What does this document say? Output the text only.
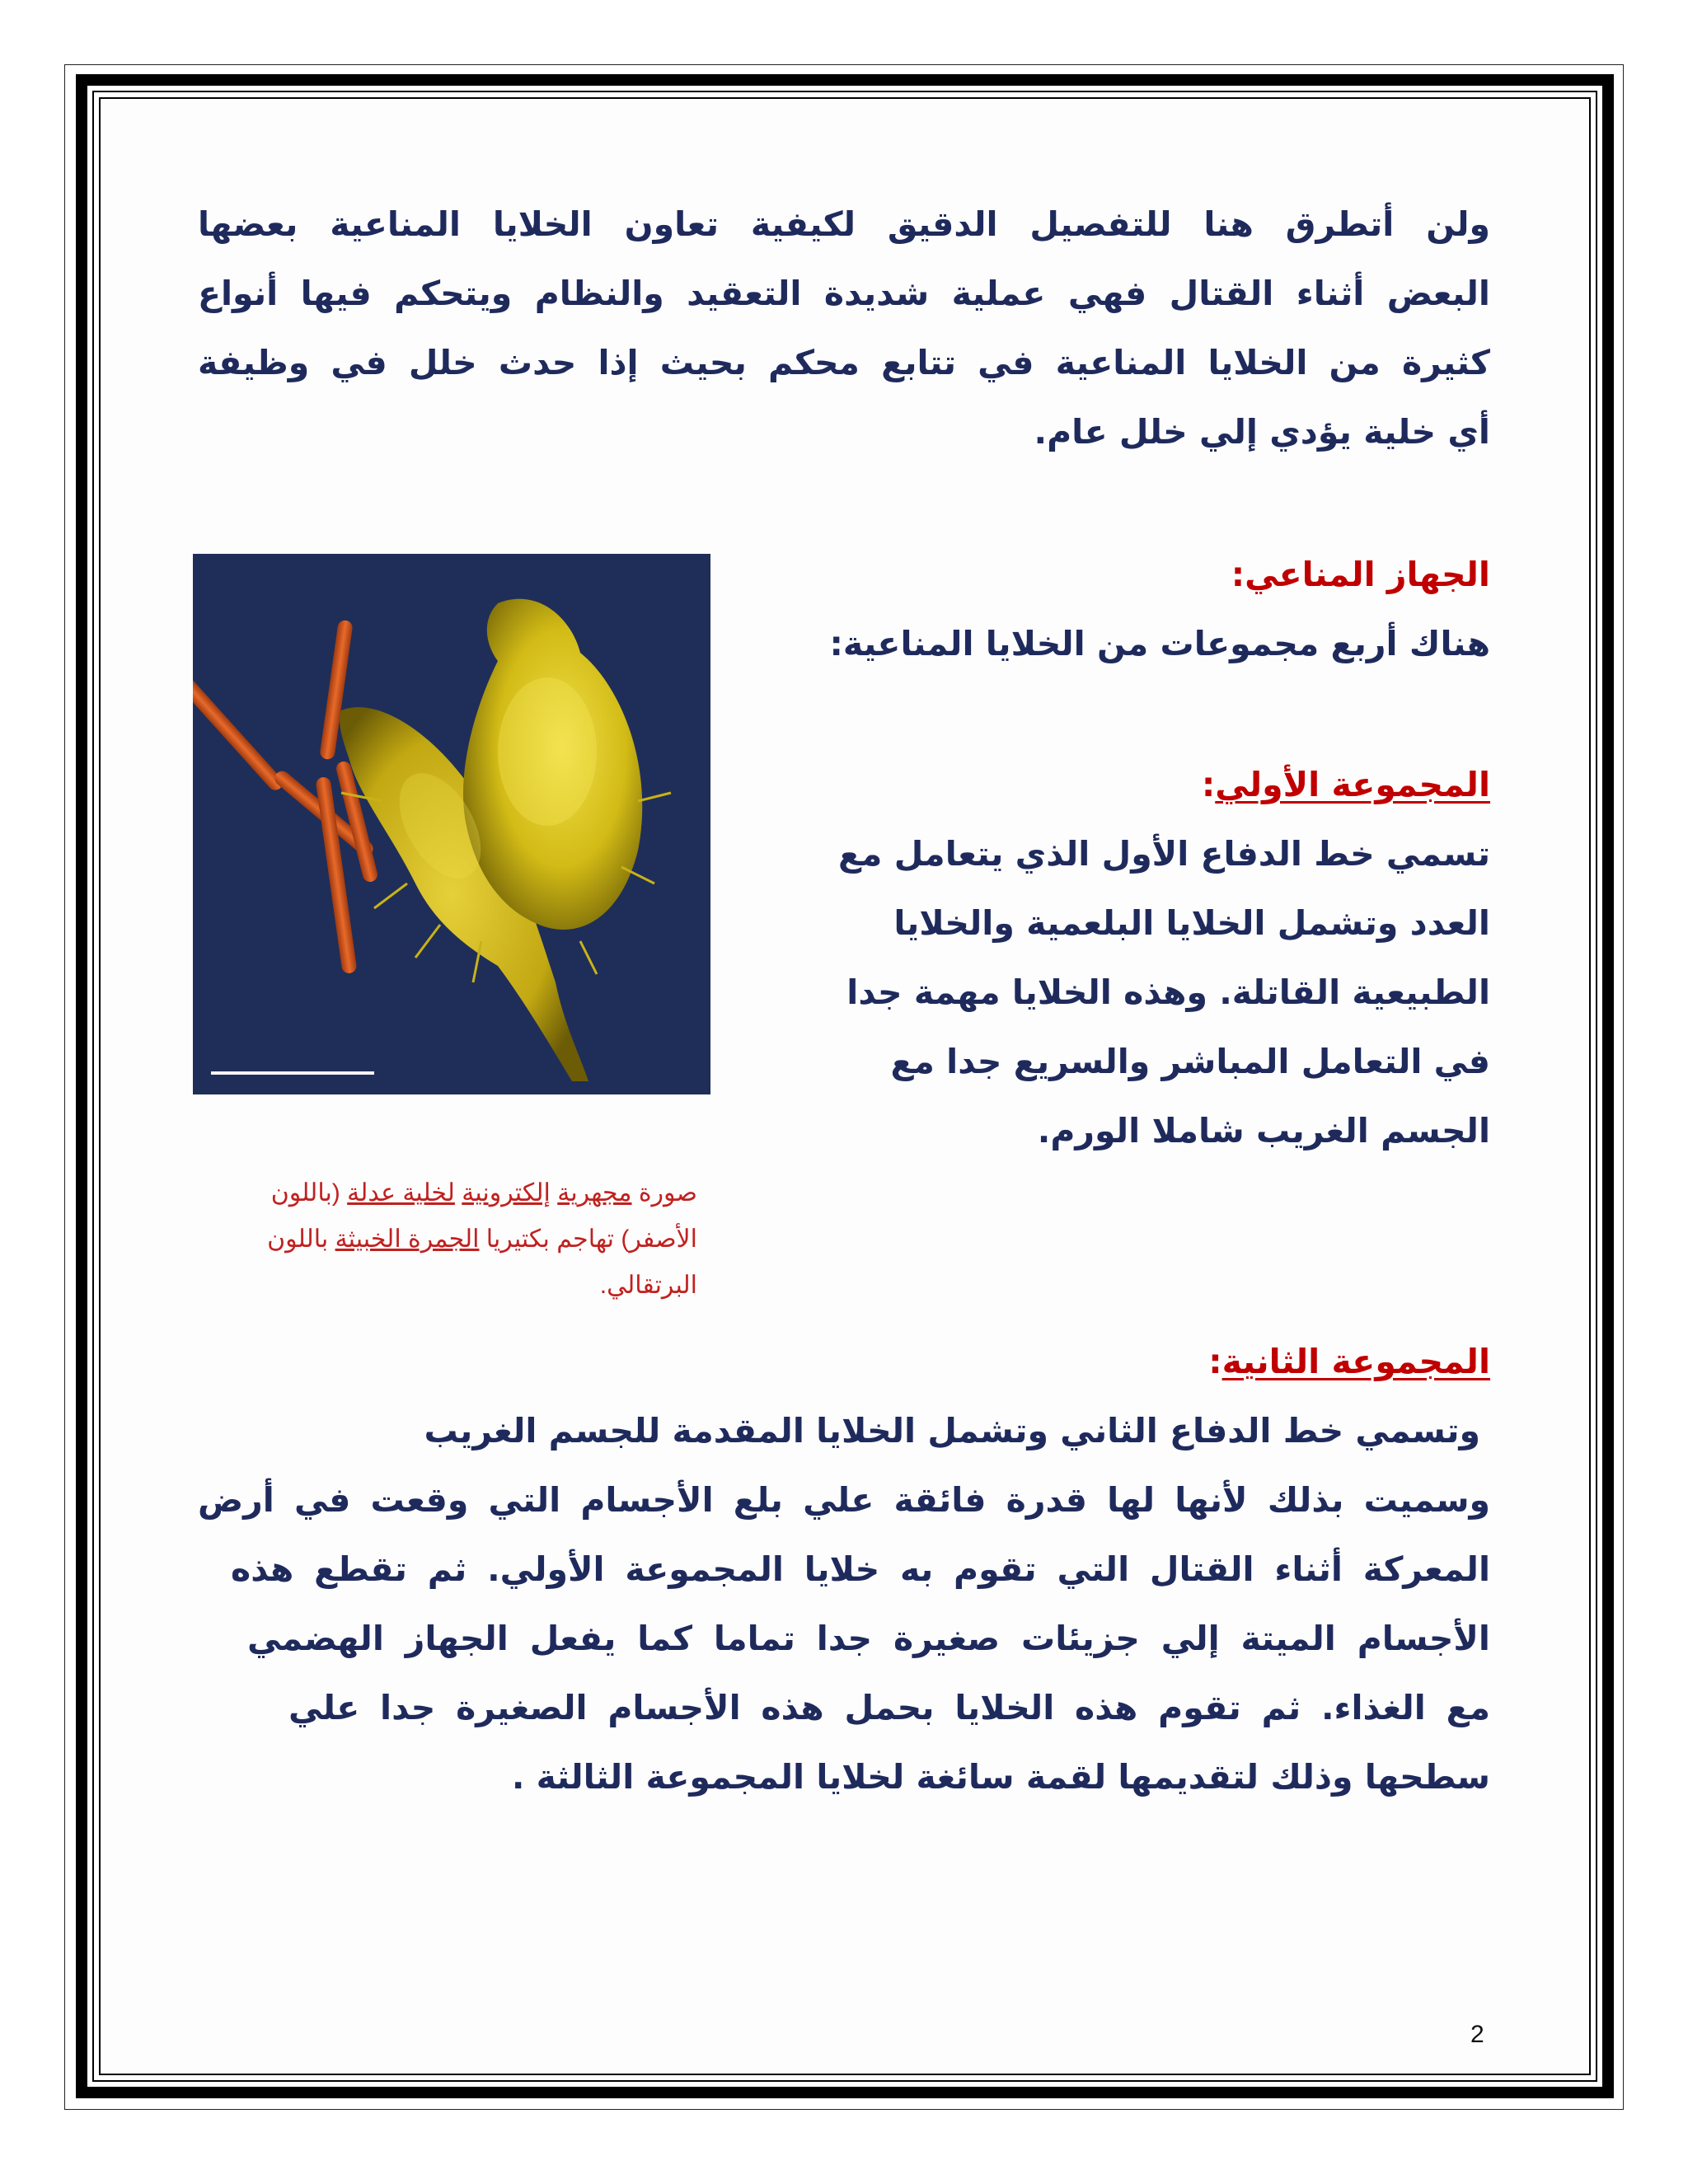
ولن أتطرق هنا للتفصيل الدقيق لكيفية تعاون الخلايا المناعية بعضها
البعض أثناء القتال فهي عملية شديدة التعقيد والنظام ويتحكم فيها أنواع
كثيرة من الخلايا المناعية في تتابع محكم بحيث إذا حدث خلل في وظيفة
أي خلية يؤدي إلي خلل عام.
الجهاز المناعي:
هناك أربع مجموعات من الخلايا المناعية:
المجموعة الأولي:
تسمي خط الدفاع الأول الذي يتعامل مع
العدد وتشمل الخلايا البلعمية والخلايا
الطبيعية القاتلة. وهذه الخلايا مهمة جدا
في التعامل المباشر والسريع جدا مع
الجسم الغريب شاملا الورم.
صورة مجهرية إلكترونية لخلية عدلة (باللون الأصفر) تهاجم بكتيريا الجمرة الخبيثة باللون البرتقالي.
المجموعة الثانية:
وتسمي خط الدفاع الثاني وتشمل الخلايا المقدمة للجسم الغريب
وسميت بذلك لأنها لها قدرة فائقة علي بلع الأجسام التي وقعت في أرض
المعركة أثناء القتال التي تقوم به خلايا المجموعة الأولي. ثم تقطع هذه
الأجسام الميتة إلي جزيئات صغيرة جدا تماما كما يفعل الجهاز الهضمي
مع الغذاء. ثم تقوم هذه الخلايا بحمل هذه الأجسام الصغيرة جدا علي
سطحها وذلك لتقديمها لقمة سائغة لخلايا المجموعة الثالثة .
2
